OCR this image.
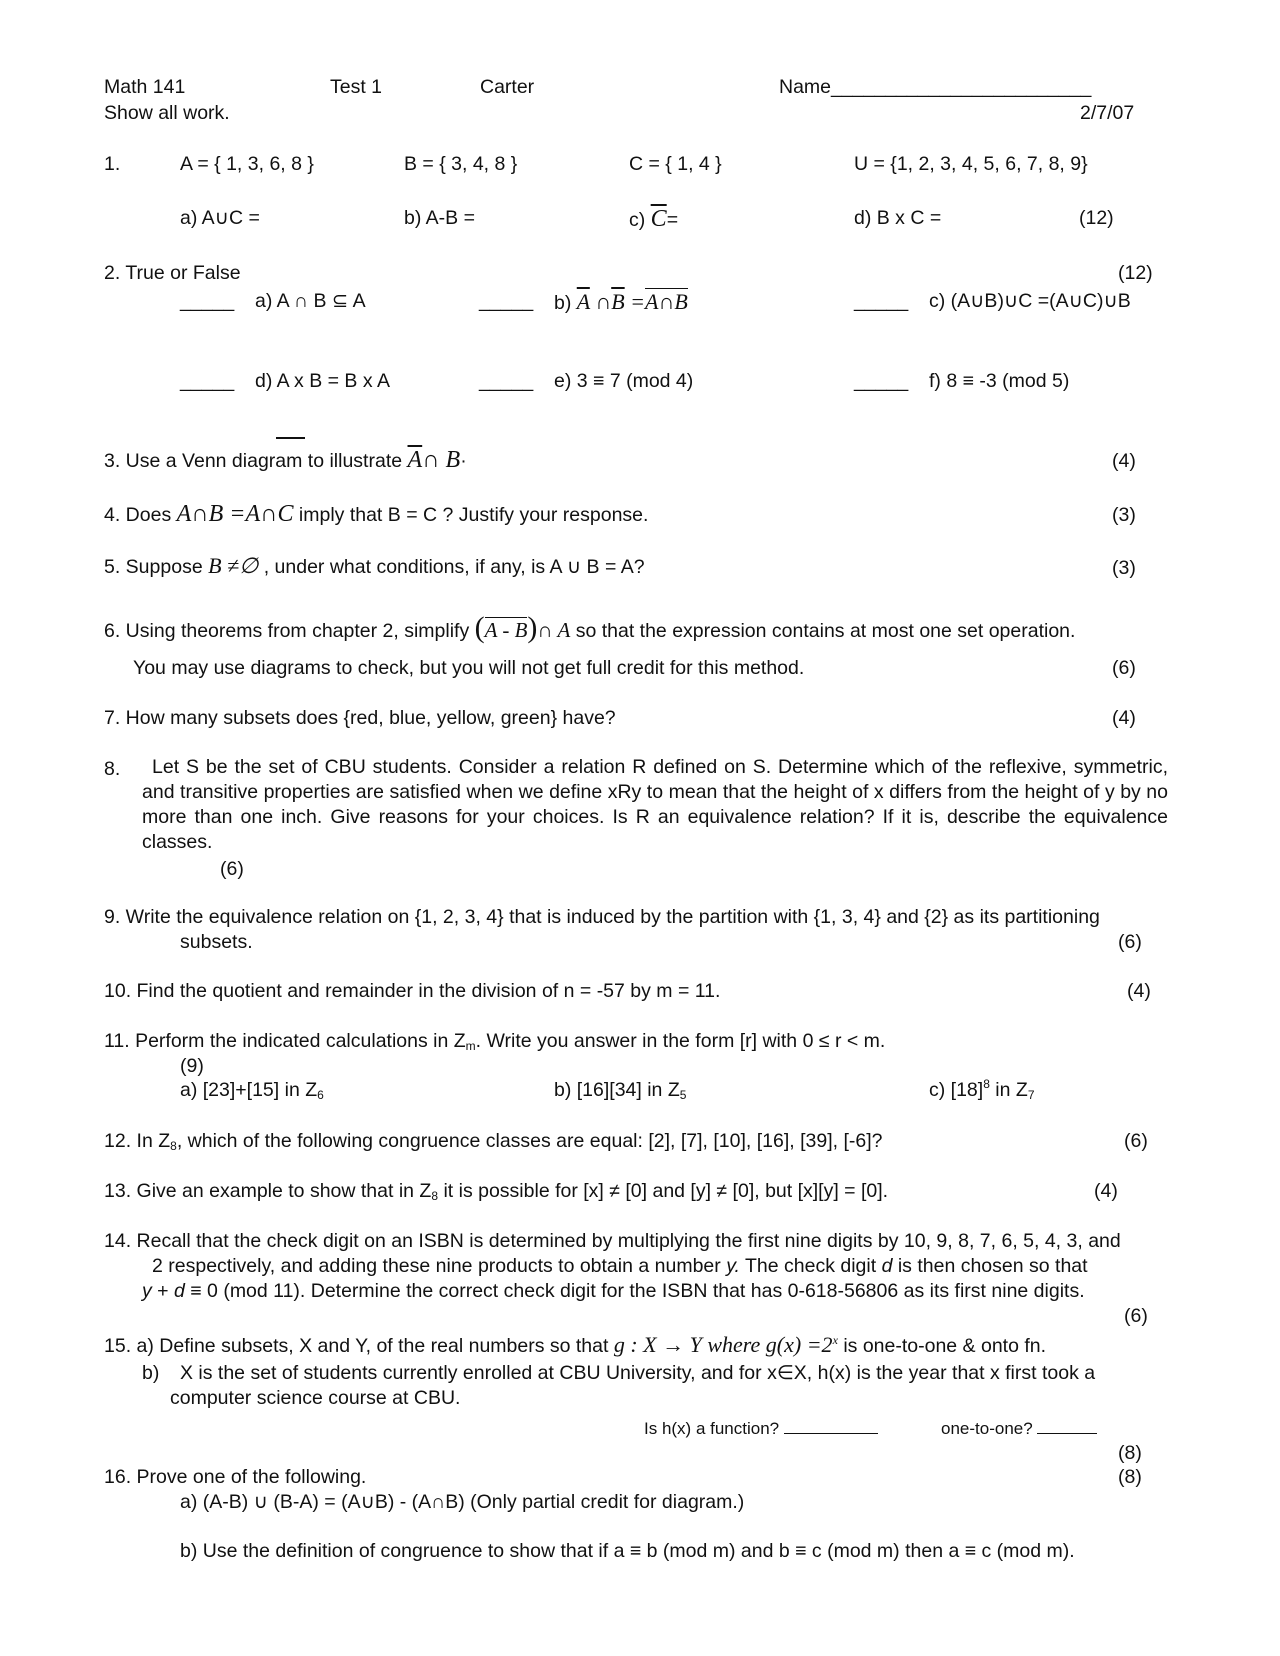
Math 141	Test 1	Carter	Name________________________
Show all work.	2/7/07
1.	A = { 1, 3, 6, 8 }	B = { 3, 4, 8 }	C = { 1, 4 }	U = {1, 2, 3, 4, 5, 6, 7, 8, 9}
a) A∪C =	b) A-B =	c) $\overline{C}=$	d) B x C =	(12)
2. True or False	(12)
_____ a) A ∩ B ⊆ A	_____ b) $\overline{A}$ $\cap\overline{B}$ =A∩B	_____ c) (A∪B)∪C =(A∪C)∪B
_____ d) A x B = B x A	_____ e) 3 ≡ 7 (mod 4)	_____ f) 8 ≡ -3 (mod 5)
3. Use a Venn diagram to illustrate $\overline{A}\cap$ B·	(4)
4. Does A∩B =A∩C imply that B = C ? Justify your response.	(3)
5. Suppose B ≠∅ , under what conditions, if any, is A ∪ B = A?	(3)
6. Using theorems from chapter 2, simplify (A - B)∩ A so that the expression contains at most one set operation.
You may use diagrams to check, but you will not get full credit for this method.	(6)
7. How many subsets does {red, blue, yellow, green} have?	(4)
8.	Let S be the set of CBU students. Consider a relation R defined on S. Determine which of the reflexive, symmetric, and transitive properties are satisfied when we define xRy to mean that the height of x differs from the height of y by no more than one inch. Give reasons for your choices. Is R an equivalence relation? If it is, describe the equivalence classes.
(6)
9. Write the equivalence relation on {1, 2, 3, 4} that is induced by the partition with {1, 3, 4} and {2} as its partitioning
subsets.	(6)
10. Find the quotient and remainder in the division of n = -57 by m = 11.	(4)
11. Perform the indicated calculations in $Z_m$. Write you answer in the form [r] with 0 ≤ r < m.
(9)
a) [23]+[15] in $Z_6$	b) [16][34] in $Z_5$	c) $[18]^8$ in $Z_7$
12. In $Z_8$, which of the following congruence classes are equal: [2], [7], [10], [16], [39], [-6]?	(6)
13. Give an example to show that in $Z_8$ it is possible for [x] ≠ [0] and [y] ≠ [0], but [x][y] = [0].	(4)
14. Recall that the check digit on an ISBN is determined by multiplying the first nine digits by 10, 9, 8, 7, 6, 5, 4, 3, and
2 respectively, and adding these nine products to obtain a number y. The check digit d is then chosen so that
y + d ≡ 0 (mod 11). Determine the correct check digit for the ISBN that has 0-618-56806 as its first nine digits.
(6)
15. a) Define subsets, X and Y, of the real numbers so that g : X → Y where $g(x) =2^x$ is one-to-one & onto fn.
b) X is the set of students currently enrolled at CBU University, and for x∈X, h(x) is the year that x first took a
computer science course at CBU.
Is h(x) a function?	one-to-one?
(8)
16. Prove one of the following.	(8)
a) (A-B) ∪ (B-A) = (A∪B) - (A∩B) (Only partial credit for diagram.)
b) Use the definition of congruence to show that if a ≡ b (mod m) and b ≡ c (mod m) then a ≡ c (mod m).
